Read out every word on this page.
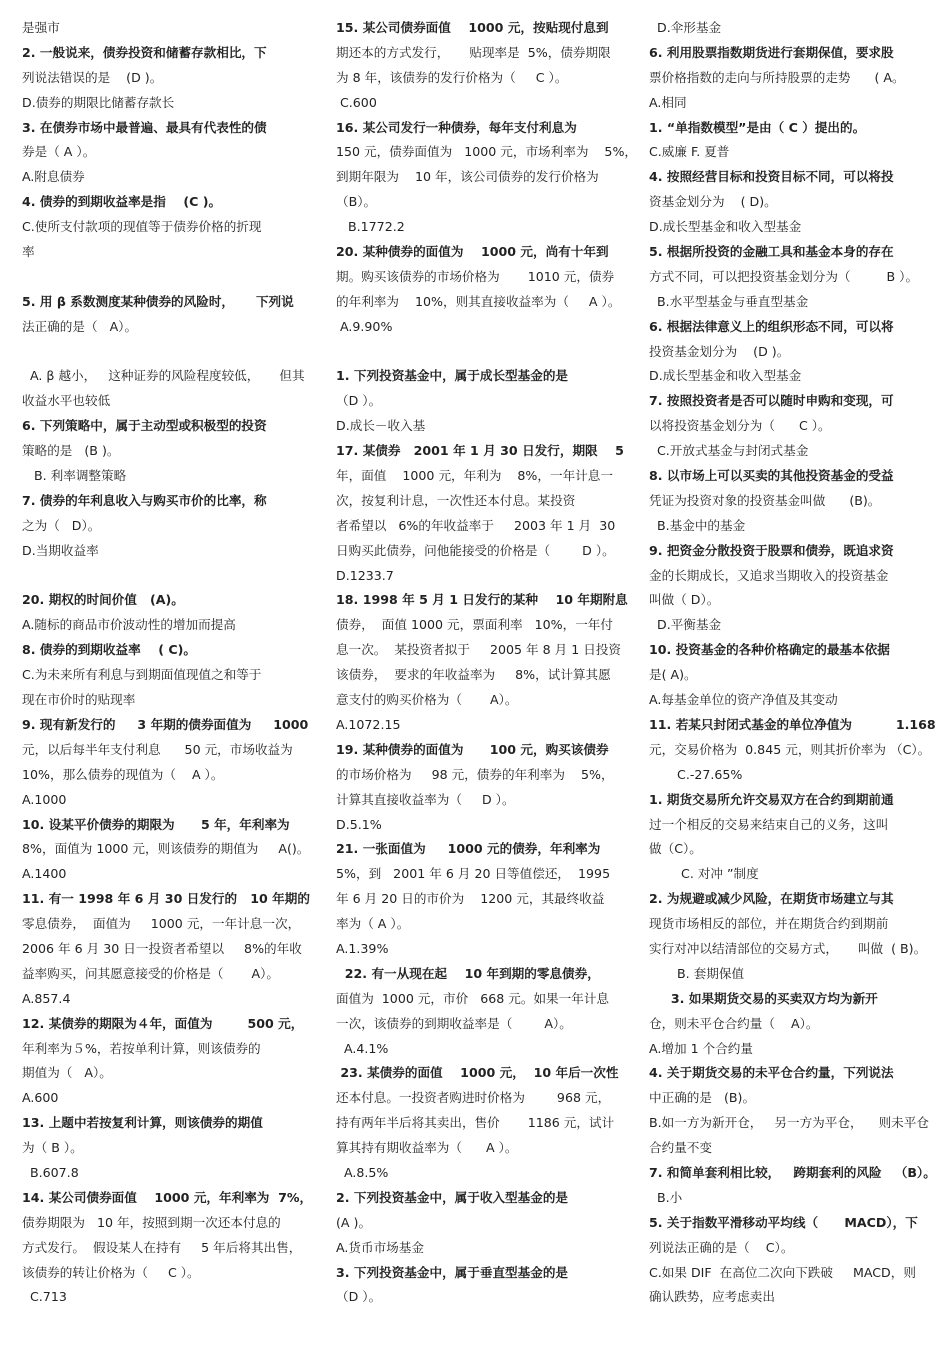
是强市
2. 一般说来，债券投资和储蓄存款相比，下
列说法错误的是    (D )。
D.债券的期限比储蓄存款长
3. 在债券市场中最普遍、最具有代表性的债
券是（ A ）。
A.附息债券
4. 债券的到期收益率是指    (C )。
C.使所支付款项的现值等于债券价格的折现
率
5. 用 β 系数测度某种债券的风险时，     下列说
法正确的是（   A）。
A. β 越小，   这种证券的风险程度较低，     但其
收益水平也较低
6. 下列策略中，属于主动型或积极型的投资
策略的是   (B )。
B. 利率调整策略
7. 债券的年利息收入与购买市价的比率，称
之为（   D）。
D.当期收益率
20. 期权的时间价值   (A)。
A.随标的商品市价波动性的增加而提高
8. 债券的到期收益率    ( C)。
C.为未来所有利息与到期面值现值之和等于
现在市价时的贴现率
9. 现有新发行的     3 年期的债券面值为     1000
元，以后每半年支付利息      50 元，市场收益为
10%，那么债券的现值为（    A ）。
A.1000
10. 设某平价债券的期限为      5 年，年利率为
8%，面值为 1000 元，则该债券的期值为     A()。
A.1400
11. 有一 1998 年 6 月 30 日发行的   10 年期的
零息债券，  面值为     1000 元，一年计息一次，
2006 年 6 月 30 日一投资者希望以     8%的年收
益率购买，问其愿意接受的价格是（       A）。
A.857.4
12. 某债券的期限为４年，面值为        500 元，
年利率为５%，若按单利计算，则该债券的
期值为（   A）。
A.600
13. 上题中若按复利计算，则该债券的期值
为（ B ）。
B.607.8
14. 某公司债券面值    1000 元，年利率为  7%，
债券期限为   10 年，按照到期一次还本付息的
方式发行。  假设某人在持有     5 年后将其出售，
该债券的转让价格为（     C ）。
C.713
15. 某公司债券面值    1000 元，按贴现付息到
期还本的方式发行，     贴现率是  5%，债券期限
为 8 年，该债券的发行价格为（     C ）。
C.600
16. 某公司发行一种债券，每年支付利息为
150 元，债券面值为   1000 元，市场利率为    5%，
到期年限为    10 年，该公司债券的发行价格为
（B）。
B.1772.2
20. 某种债券的面值为    1000 元，尚有十年到
期。购买该债券的市场价格为       1010 元，债券
的年利率为    10%，则其直接收益率为（     A ）。
A.9.90%
1. 下列投资基金中，属于成长型基金的是
（D ）。
D.成长－收入基
17. 某债券   2001 年 1 月 30 日发行，期限    5
年，面值    1000 元，年利为    8%，一年计息一
次，按复利计息，一次性还本付息。某投资
者希望以   6%的年收益率于     2003 年 1 月  30
日购买此债券，问他能接受的价格是（        D ）。
D.1233.7
18. 1998 年 5 月 1 日发行的某种    10 年期附息
债券，  面值 1000 元，票面利率   10%，一年付
息一次。  某投资者拟于     2005 年 8 月 1 日投资
该债券，  要求的年收益率为     8%，试计算其愿
意支付的购买价格为（       A）。
A.1072.15
19. 某种债券的面值为      100 元，购买该债券
的市场价格为     98 元，债券的年利率为    5%，
计算其直接收益率为（     D ）。
D.5.1%
21. 一张面值为     1000 元的债券，年利率为
5%，到   2001 年 6 月 20 日等值偿还，  1995
年 6 月 20 日的市价为    1200 元，其最终收益
率为（ A ）。
A.1.39%
22. 有一从现在起    10 年到期的零息债券，
面值为  1000 元，市价   668 元。如果一年计息
一次，该债券的到期收益率是（        A）。
A.4.1%
23. 某债券的面值    1000 元，  10 年后一次性
还本付息。一投资者购进时价格为        968 元，
持有两年半后将其卖出，售价       1186 元，试计
算其持有期收益率为（      A ）。
A.8.5%
2. 下列投资基金中，属于收入型基金的是
(A )。
A.货币市场基金
3. 下列投资基金中，属于垂直型基金的是
（D ）。
D.伞形基金
6. 利用股票指数期货进行套期保值，要求股
票价格指数的走向与所持股票的走势      ( A。
A.相同
1. “单指数模型”是由（ C ）提出的。
C.威廉 F. 夏普
4. 按照经营目标和投资目标不同，可以将投
资基金划分为    ( D)。
D.成长型基金和收入型基金
5. 根据所投资的金融工具和基金本身的存在
方式不同，可以把投资基金划分为（         B ）。
B.水平型基金与垂直型基金
6. 根据法律意义上的组织形态不同，可以将
投资基金划分为    (D )。
D.成长型基金和收入型基金
7. 按照投资者是否可以随时申购和变现，可
以将投资基金划分为（      C ）。
C.开放式基金与封闭式基金
8. 以市场上可以买卖的其他投资基金的受益
凭证为投资对象的投资基金叫做      (B)。
B.基金中的基金
9. 把资金分散投资于股票和债券，既追求资
金的长期成长，又追求当期收入的投资基金
叫做（ D）。
D.平衡基金
10. 投资基金的各种价格确定的最基本依据
是( A)。
A.每基金单位的资产净值及其变动
11. 若某只封闭式基金的单位净值为          1.168
元，交易价格为  0.845 元，则其折价率为 （C）。
C.-27.65%
1. 期货交易所允许交易双方在合约到期前通
过一个相反的交易来结束自己的义务，这叫
做（C）。
C. 对冲 ”制度
2. 为规避或减少风险，在期货市场建立与其
现货市场相反的部位，并在期货合约到期前
实行对冲以结清部位的交易方式，     叫做  ( B)。
B. 套期保值
3. 如果期货交易的买卖双方均为新开
仓，则未平仓合约量（    A）。
A.增加 1 个合约量
4. 关于期货交易的未平仓合约量，下列说法
中正确的是   (B)。
B.如一方为新开仓，   另一方为平仓，    则未平仓
合约量不变
7. 和简单套利相比较，   跨期套利的风险   （B）。
B.小
5. 关于指数平滑移动平均线（      MACD），下
列说法正确的是（    C）。
C.如果 DIF  在高位二次向下跌破     MACD，则
确认跌势，应考虑卖出
